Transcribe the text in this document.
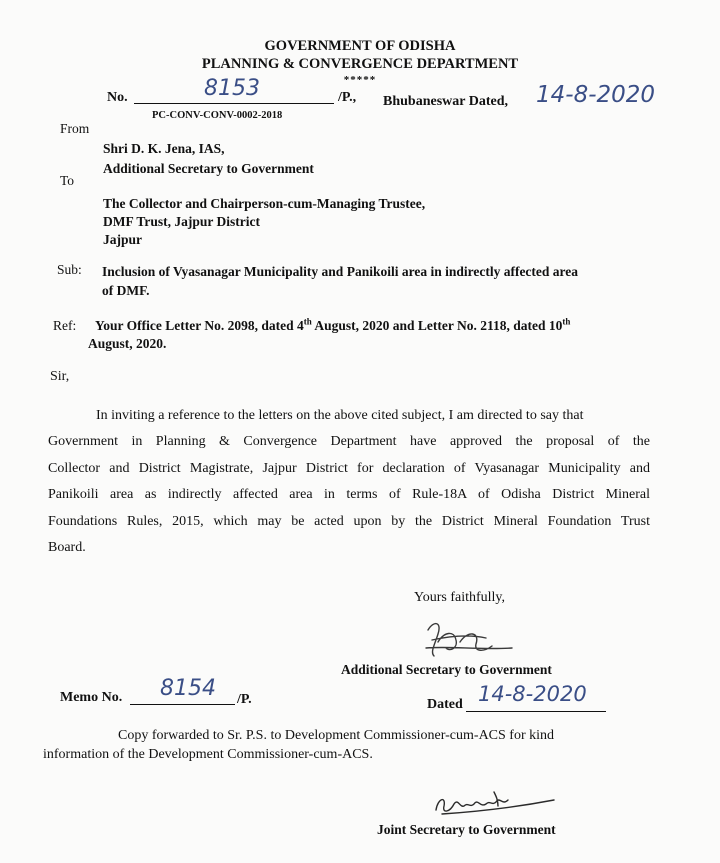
GOVERNMENT OF ODISHA
PLANNING & CONVERGENCE DEPARTMENT
*****
No.	8153	/P., Bhubaneswar Dated, 14-8-2020
PC-CONV-CONV-0002-2018
From
Shri D. K. Jena, IAS,
Additional Secretary to Government
To
The Collector and Chairperson-cum-Managing Trustee,
DMF Trust, Jajpur District
Jajpur
Sub: Inclusion of Vyasanagar Municipality and Panikoili area in indirectly affected area
of DMF.
Ref: Your Office Letter No. 2098, dated 4th August, 2020 and Letter No. 2118, dated 10th
August, 2020.
Sir,
In inviting a reference to the letters on the above cited subject, I am directed to say that
Government in Planning & Convergence Department have approved the proposal of the
Collector and District Magistrate, Jajpur District for declaration of Vyasanagar Municipality and
Panikoili area as indirectly affected area in terms of Rule-18A of Odisha District Mineral
Foundations Rules, 2015, which may be acted upon by the District Mineral Foundation Trust
Board.
Yours faithfully,
Additional Secretary to Government
Memo No. 8154 /P.	Dated 14-8-2020
Copy forwarded to Sr. P.S. to Development Commissioner-cum-ACS for kind
information of the Development Commissioner-cum-ACS.
Joint Secretary to Government
